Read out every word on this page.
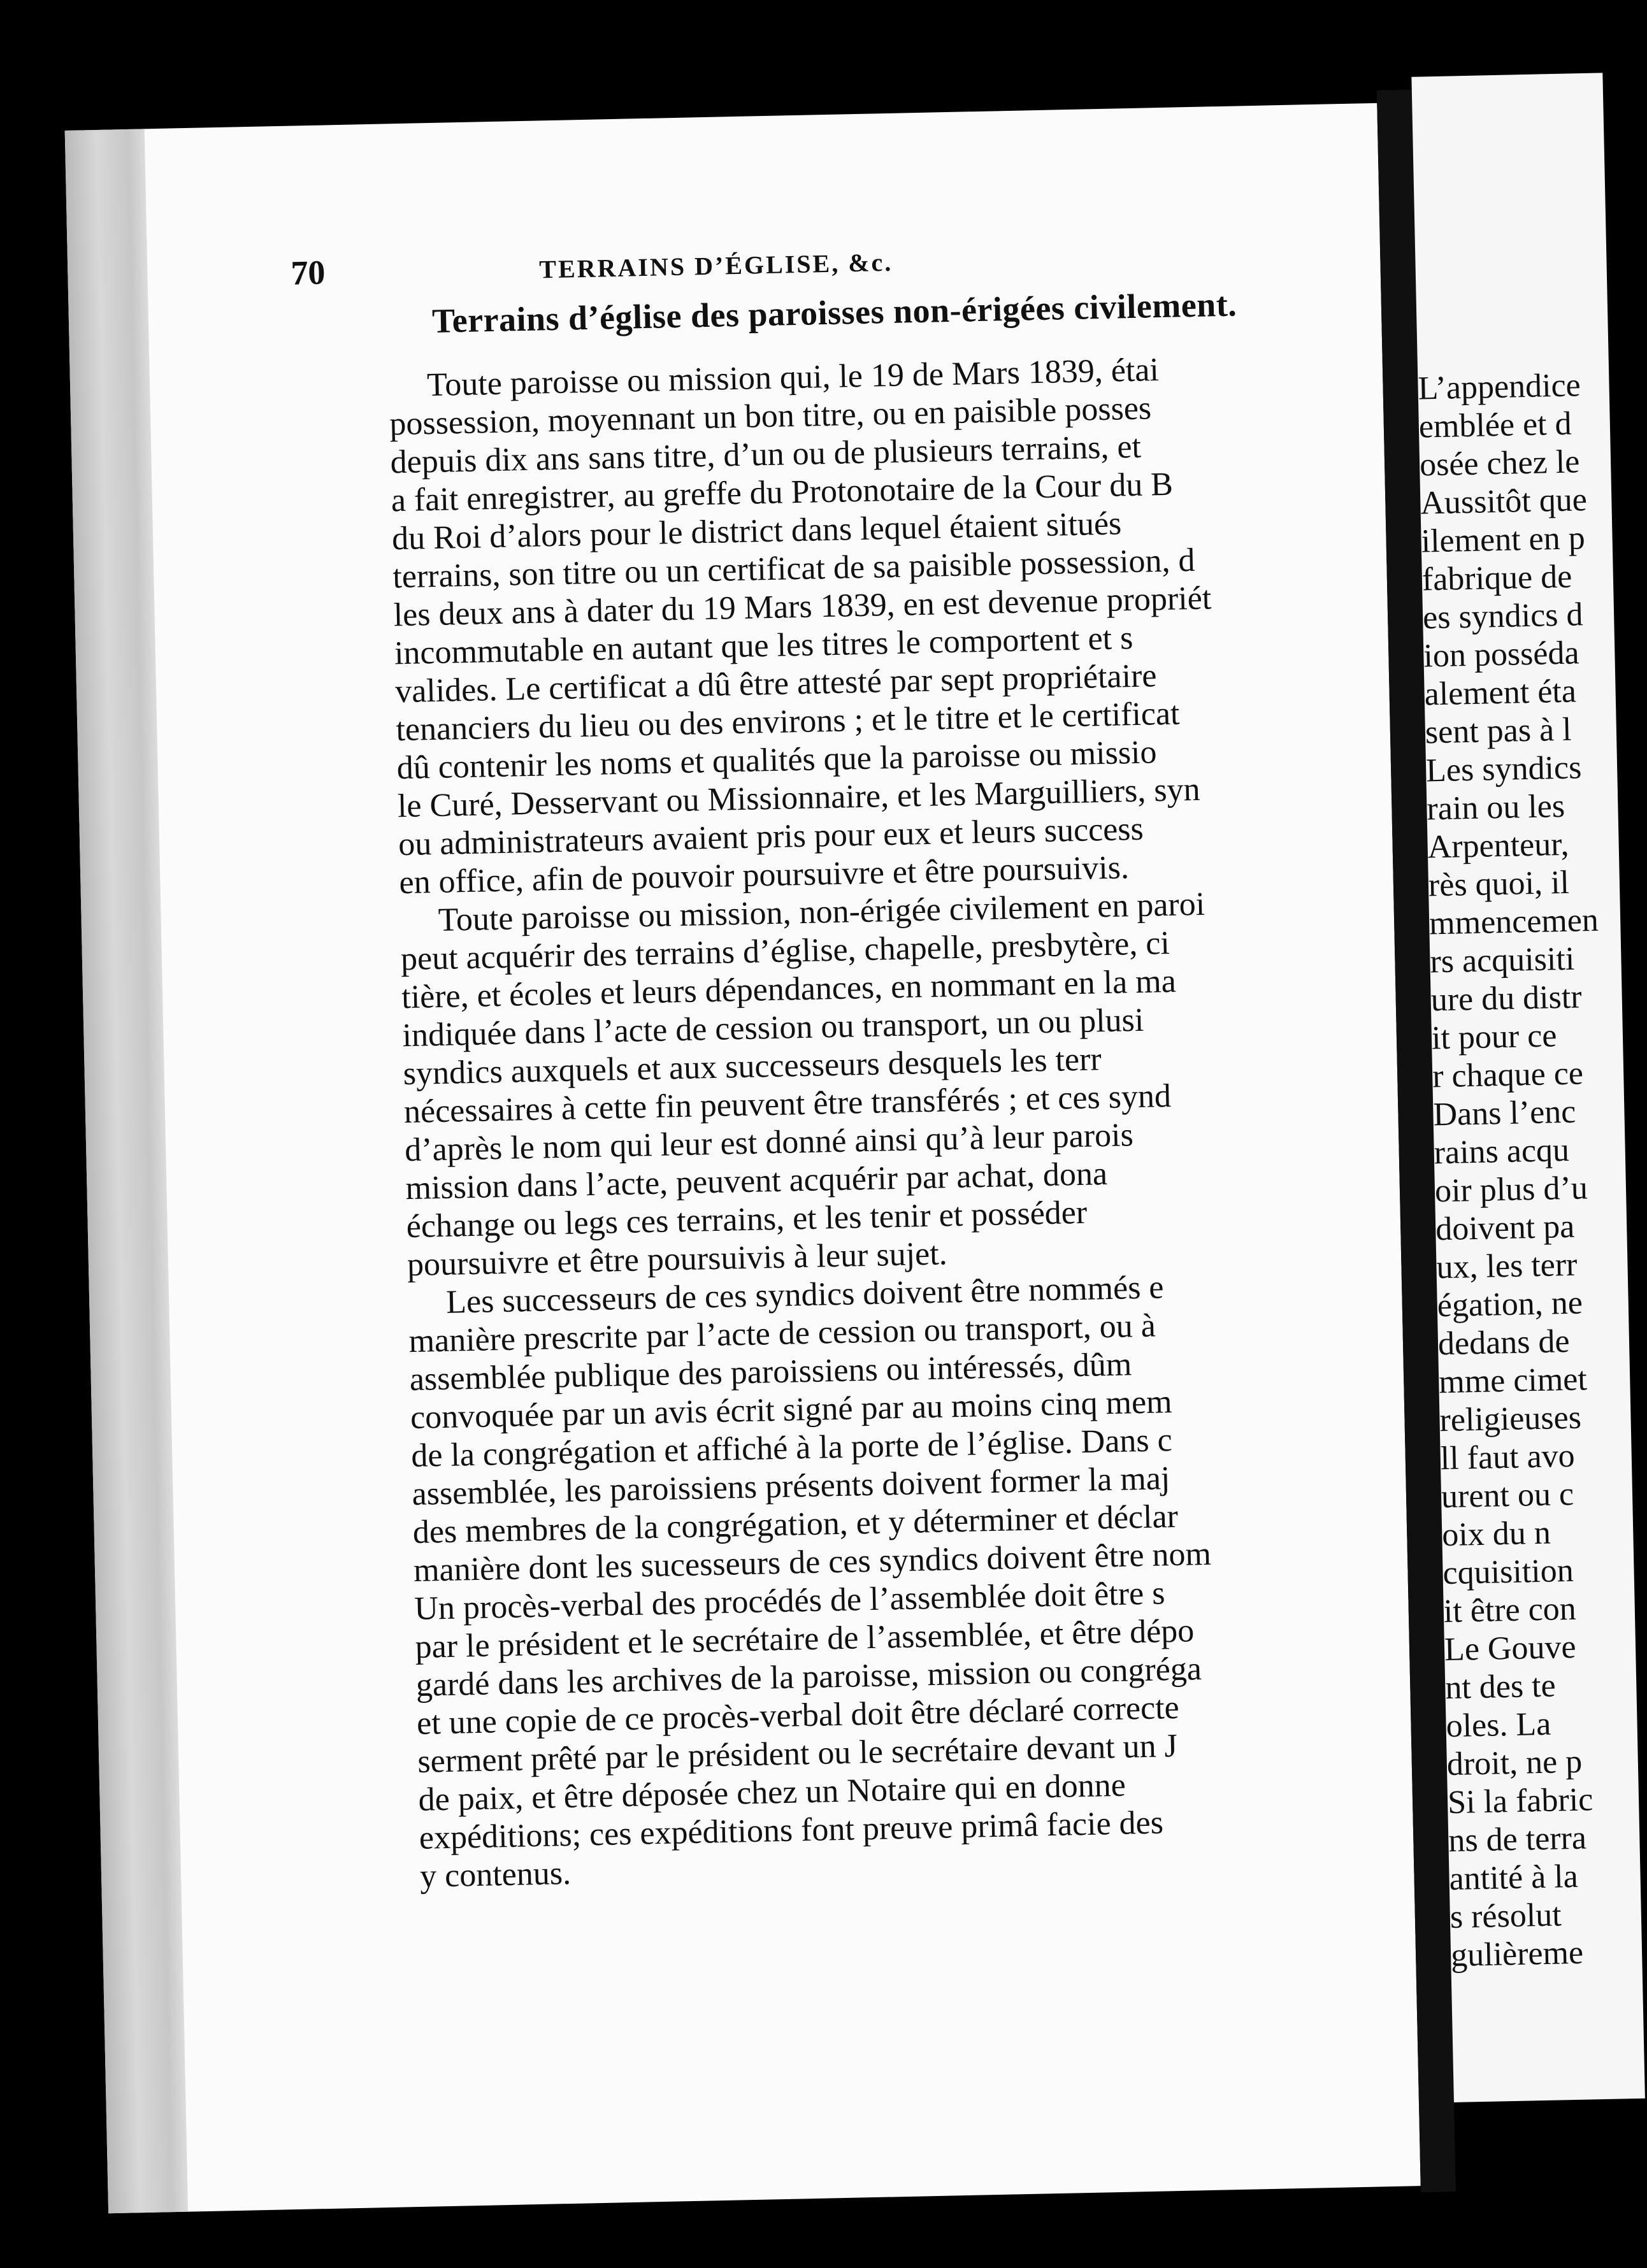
70	TERRAINS D’ÉGLISE, &c.
Terrains d’église des paroisses non-érigées civilement.
Toute paroisse ou mission qui, le 19 de Mars 1839, étai
possession, moyennant un bon titre, ou en paisible posses
depuis dix ans sans titre, d’un ou de plusieurs terrains, et
a fait enregistrer, au greffe du Protonotaire de la Cour du B
du Roi d’alors pour le district dans lequel étaient situés
terrains, son titre ou un certificat de sa paisible possession, d
les deux ans à dater du 19 Mars 1839, en est devenue propriét
incommutable en autant que les titres le comportent et s
valides. Le certificat a dû être attesté par sept propriétaire
tenanciers du lieu ou des environs ; et le titre et le certificat
dû contenir les noms et qualités que la paroisse ou missio
le Curé, Desservant ou Missionnaire, et les Marguilliers, syn
ou administrateurs avaient pris pour eux et leurs success
en office, afin de pouvoir poursuivre et être poursuivis.
Toute paroisse ou mission, non-érigée civilement en paroi
peut acquérir des terrains d’église, chapelle, presbytère, ci
tière, et écoles et leurs dépendances, en nommant en la ma
indiquée dans l’acte de cession ou transport, un ou plusi
syndics auxquels et aux successeurs desquels les terr
nécessaires à cette fin peuvent être transférés ; et ces synd
d’après le nom qui leur est donné ainsi qu’à leur parois
mission dans l’acte, peuvent acquérir par achat, dona
échange ou legs ces terrains, et les tenir et posséder
poursuivre et être poursuivis à leur sujet.
Les successeurs de ces syndics doivent être nommés e
manière prescrite par l’acte de cession ou transport, ou à
assemblée publique des paroissiens ou intéressés, dûm
convoquée par un avis écrit signé par au moins cinq mem
de la congrégation et affiché à la porte de l’église. Dans c
assemblée, les paroissiens présents doivent former la maj
des membres de la congrégation, et y déterminer et déclar
manière dont les sucesseurs de ces syndics doivent être nom
Un procès-verbal des procédés de l’assemblée doit être s
par le président et le secrétaire de l’assemblée, et être dépo
gardé dans les archives de la paroisse, mission ou congréga
et une copie de ce procès-verbal doit être déclaré correcte
serment prêté par le président ou le secrétaire devant un J
de paix, et être déposée chez un Notaire qui en donne
expéditions; ces expéditions font preuve primâ facie des
y contenus.
L’appendice
emblée et d
osée chez le
Aussitôt que
ilement en p
fabrique de
es syndics d
ion posséda
alement éta
sent pas à l
Les syndics
rain ou les
Arpenteur,
rès quoi, il
mmencemen
rs acquisiti
ure du distr
it pour ce
r chaque ce
Dans l’enc
rains acqu
oir plus d’u
doivent pa
ux, les terr
égation, ne
dedans de
mme cimet
religieuses
ll faut avo
urent ou c
oix du n
cquisition
it être con
Le Gouve
nt des te
oles. La
droit, ne p
Si la fabric
ns de terra
antité à la
s résolut
gulièreme
